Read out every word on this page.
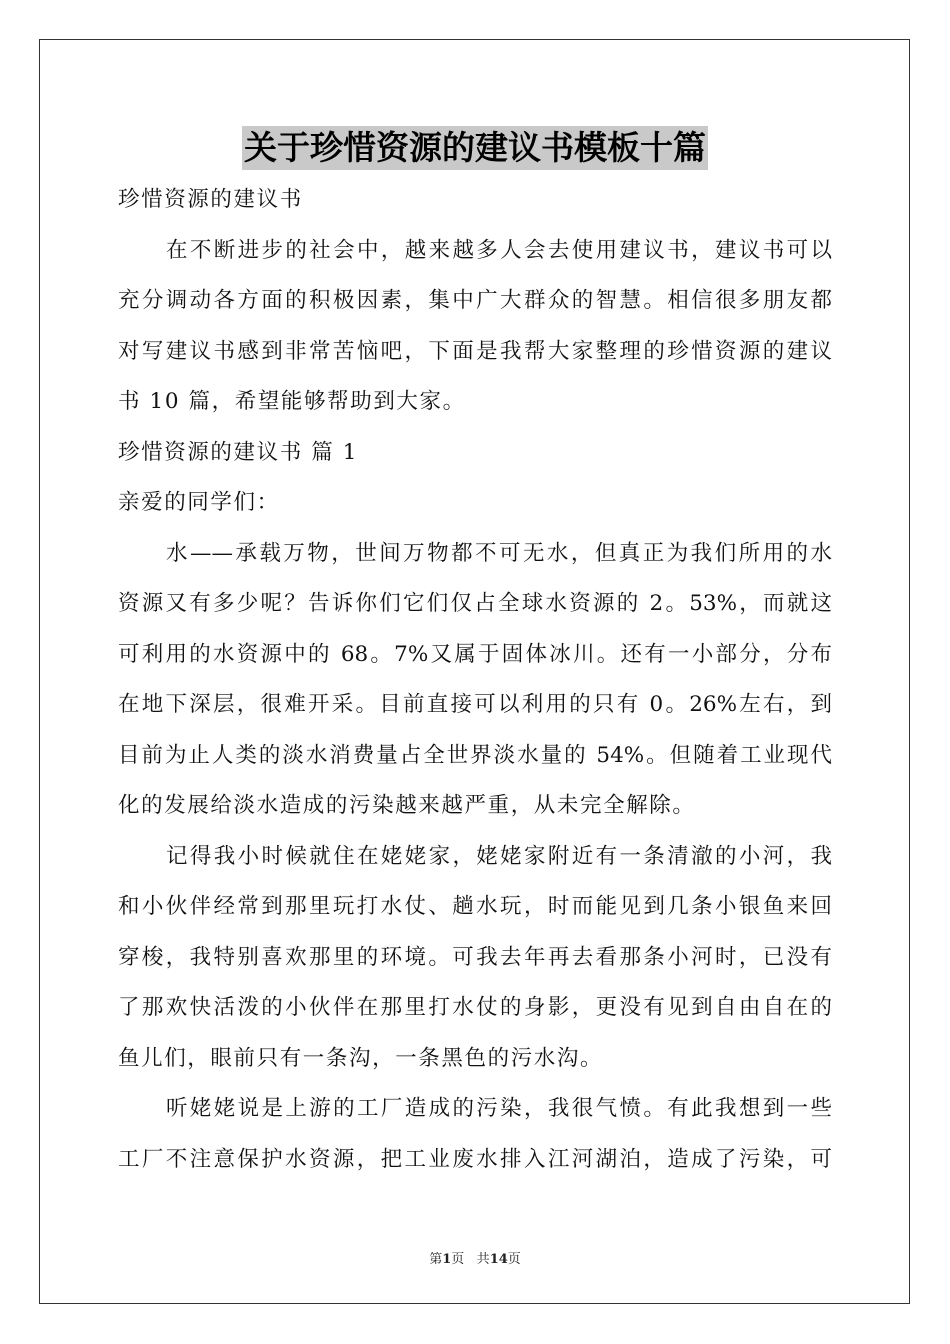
关于珍惜资源的建议书模板十篇
珍惜资源的建议书
在不断进步的社会中，越来越多人会去使用建议书，建议书可以
充分调动各方面的积极因素，集中广大群众的智慧。相信很多朋友都
对写建议书感到非常苦恼吧，下面是我帮大家整理的珍惜资源的建议
书 10 篇，希望能够帮助到大家。
珍惜资源的建议书 篇 1
亲爱的同学们：
水——承载万物，世间万物都不可无水，但真正为我们所用的水
资源又有多少呢？告诉你们它们仅占全球水资源的 2。53%，而就这
可利用的水资源中的 68。7%又属于固体冰川。还有一小部分，分布
在地下深层，很难开采。目前直接可以利用的只有 0。26%左右，到
目前为止人类的淡水消费量占全世界淡水量的 54%。但随着工业现代
化的发展给淡水造成的污染越来越严重，从未完全解除。
记得我小时候就住在姥姥家，姥姥家附近有一条清澈的小河，我
和小伙伴经常到那里玩打水仗、趟水玩，时而能见到几条小银鱼来回
穿梭，我特别喜欢那里的环境。可我去年再去看那条小河时，已没有
了那欢快活泼的小伙伴在那里打水仗的身影，更没有见到自由自在的
鱼儿们，眼前只有一条沟，一条黑色的污水沟。
听姥姥说是上游的工厂造成的污染，我很气愤。有此我想到一些
工厂不注意保护水资源，把工业废水排入江河湖泊，造成了污染，可
第1页 共14页
